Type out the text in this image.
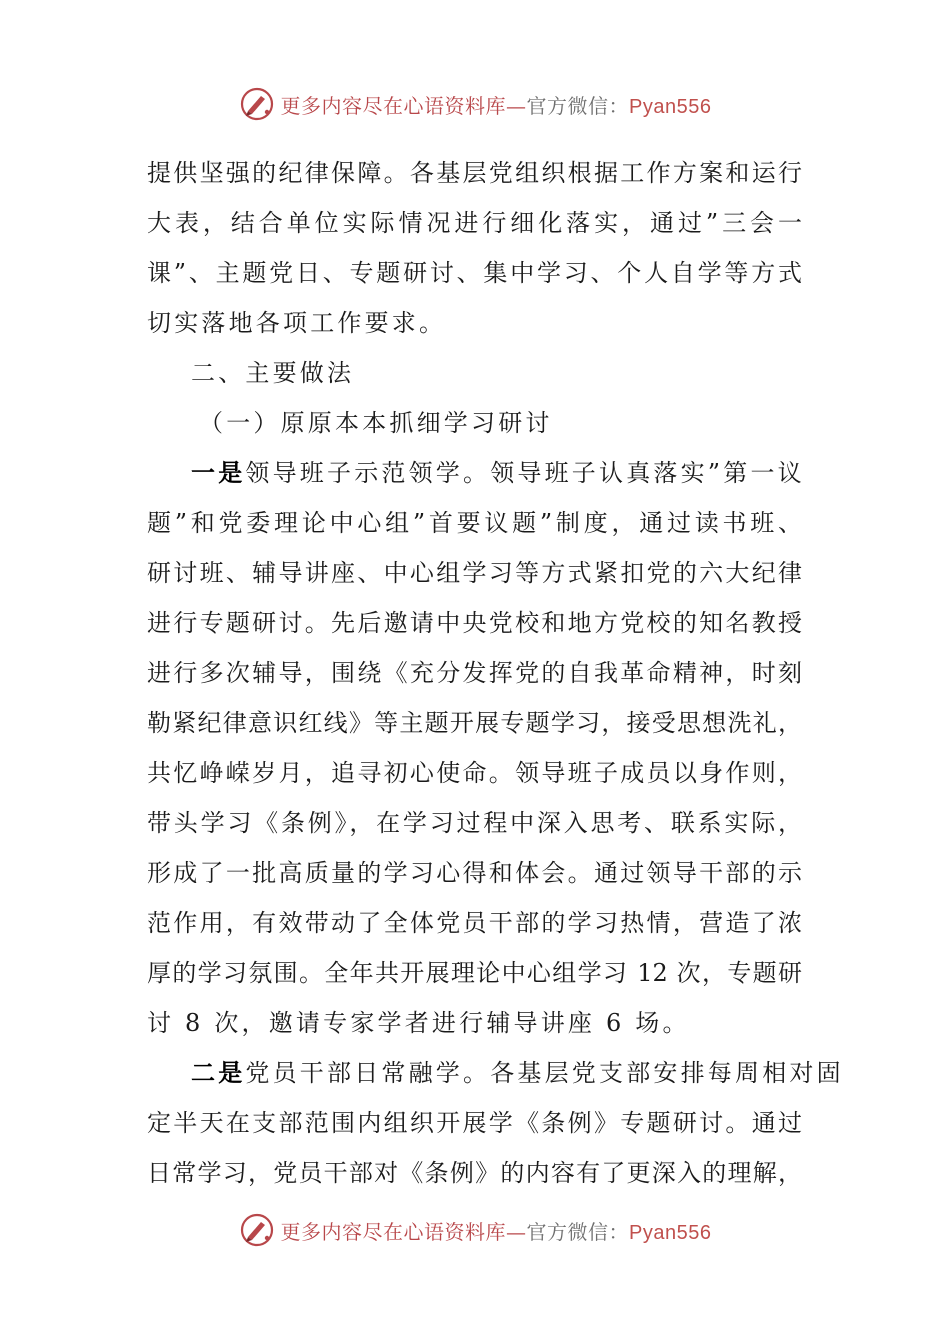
更多内容尽在心语资料库—官方微信：Pyan556
提供坚强的纪律保障。各基层党组织根据工作方案和运行
大表，结合单位实际情况进行细化落实，通过”三会一
课”、主题党日、专题研讨、集中学习、个人自学等方式
切实落地各项工作要求。
二、主要做法
（一）原原本本抓细学习研讨
一是领导班子示范领学。领导班子认真落实”第一议
题”和党委理论中心组”首要议题”制度，通过读书班、
研讨班、辅导讲座、中心组学习等方式紧扣党的六大纪律
进行专题研讨。先后邀请中央党校和地方党校的知名教授
进行多次辅导，围绕《充分发挥党的自我革命精神，时刻
勒紧纪律意识红线》等主题开展专题学习，接受思想洗礼，
共忆峥嵘岁月，追寻初心使命。领导班子成员以身作则，
带头学习《条例》，在学习过程中深入思考、联系实际，
形成了一批高质量的学习心得和体会。通过领导干部的示
范作用，有效带动了全体党员干部的学习热情，营造了浓
厚的学习氛围。全年共开展理论中心组学习 12 次，专题研
讨 8 次，邀请专家学者进行辅导讲座 6 场。
二是党员干部日常融学。各基层党支部安排每周相对固
定半天在支部范围内组织开展学《条例》专题研讨。通过
日常学习，党员干部对《条例》的内容有了更深入的理解，
更多内容尽在心语资料库—官方微信：Pyan556
